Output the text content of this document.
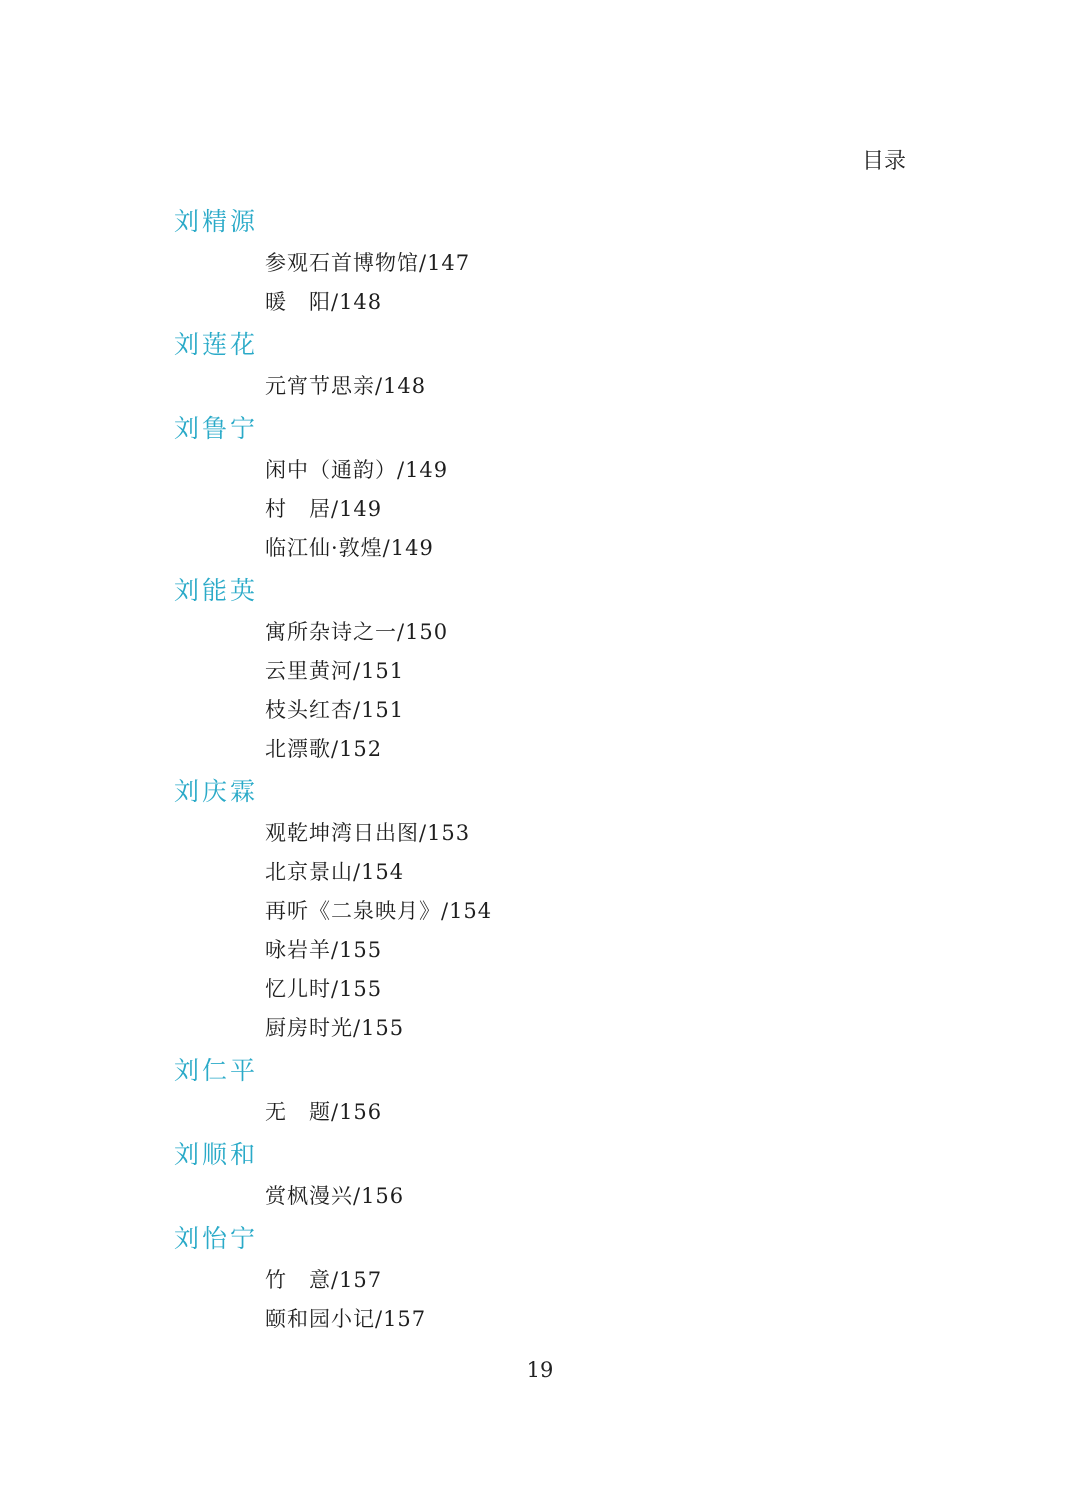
目录
刘精源
参观石首博物馆/147
暖　阳/148
刘莲花
元宵节思亲/148
刘鲁宁
闲中（通韵）/149
村　居/149
临江仙·敦煌/149
刘能英
寓所杂诗之一/150
云里黄河/151
枝头红杏/151
北漂歌/152
刘庆霖
观乾坤湾日出图/153
北京景山/154
再听《二泉映月》/154
咏岩羊/155
忆儿时/155
厨房时光/155
刘仁平
无　题/156
刘顺和
赏枫漫兴/156
刘怡宁
竹　意/157
颐和园小记/157
19
